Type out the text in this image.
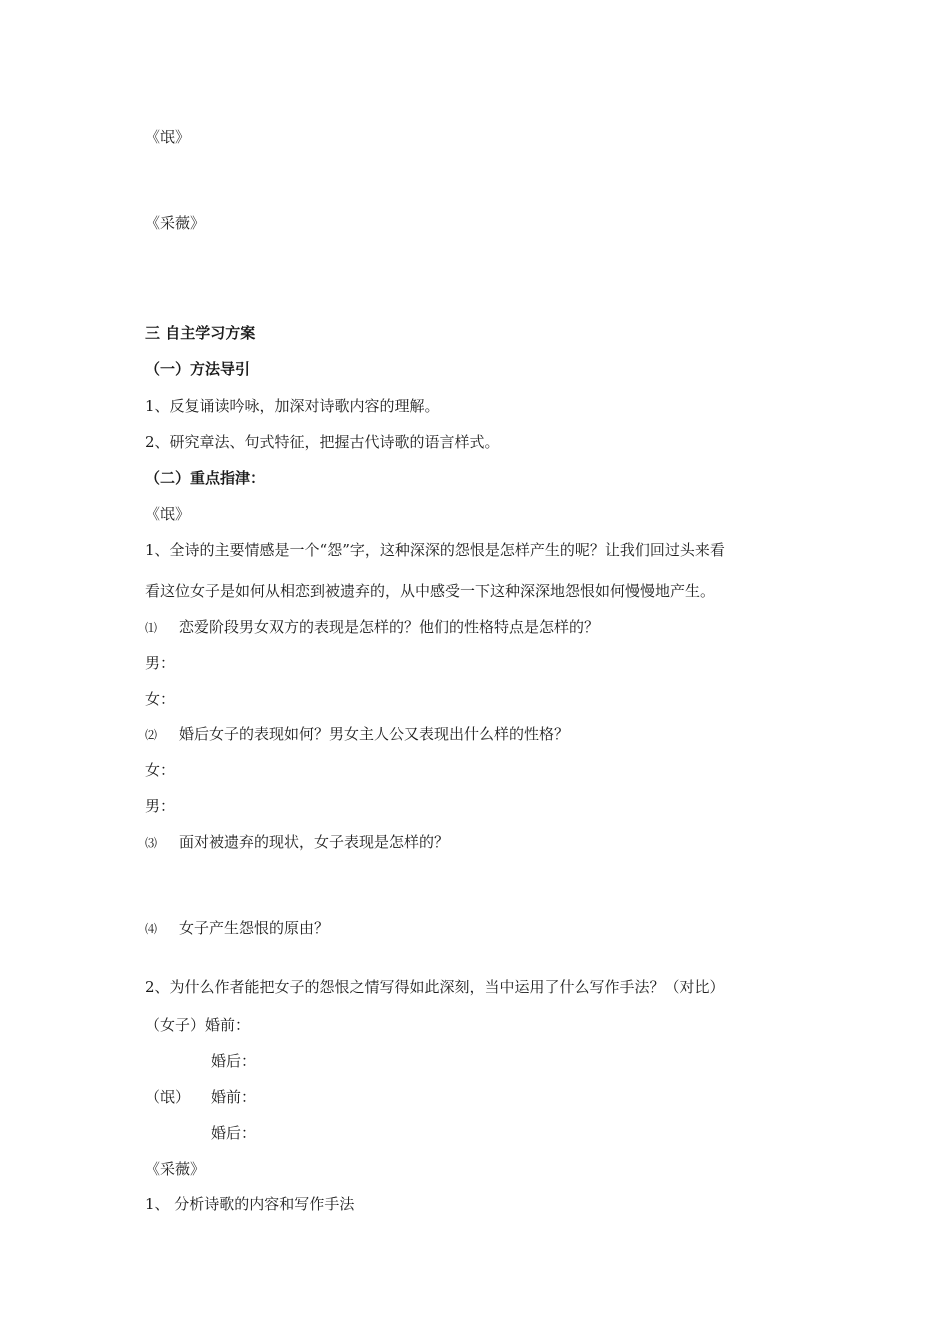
《氓》
《采薇》
三 自主学习方案
（一）方法导引
1、反复诵读吟咏，加深对诗歌内容的理解。
2、研究章法、句式特征，把握古代诗歌的语言样式。
（二）重点指津：
《氓》
1、全诗的主要情感是一个“怨”字，这种深深的怨恨是怎样产生的呢？让我们回过头来看
看这位女子是如何从相恋到被遗弃的，从中感受一下这种深深地怨恨如何慢慢地产生。
⑴ 恋爱阶段男女双方的表现是怎样的？他们的性格特点是怎样的？
男：
女：
⑵ 婚后女子的表现如何？男女主人公又表现出什么样的性格？
女：
男：
⑶ 面对被遗弃的现状，女子表现是怎样的？
⑷ 女子产生怨恨的原由？
2、为什么作者能把女子的怨恨之情写得如此深刻，当中运用了什么写作手法？（对比）
（女子）婚前：
婚后：
（氓） 婚前：
婚后：
《采薇》
1、 分析诗歌的内容和写作手法
